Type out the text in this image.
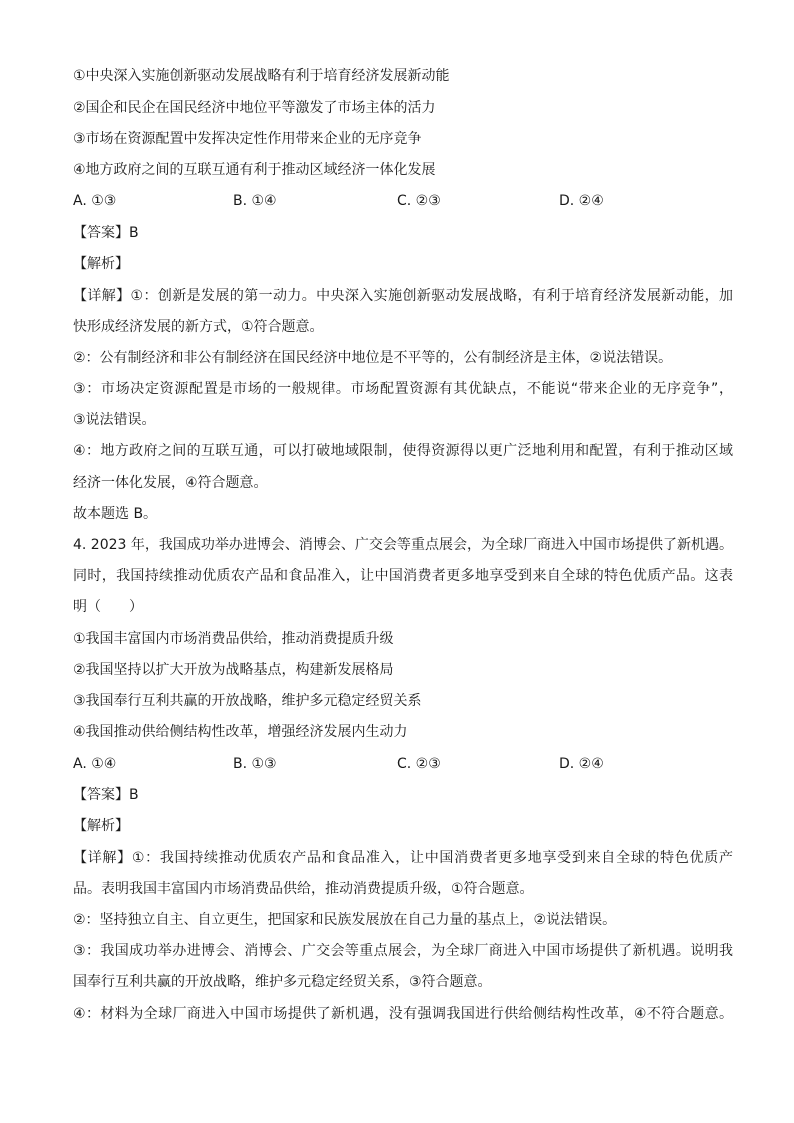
①中央深入实施创新驱动发展战略有利于培育经济发展新动能
②国企和民企在国民经济中地位平等激发了市场主体的活力
③市场在资源配置中发挥决定性作用带来企业的无序竞争
④地方政府之间的互联互通有利于推动区域经济一体化发展
A. ①③	B. ①④	C. ②③	D. ②④
【答案】B
【解析】
【详解】①：创新是发展的第一动力。中央深入实施创新驱动发展战略，有利于培育经济发展新动能，加
快形成经济发展的新方式，①符合题意。
②：公有制经济和非公有制经济在国民经济中地位是不平等的，公有制经济是主体，②说法错误。
③：市场决定资源配置是市场的一般规律。市场配置资源有其优缺点，不能说“带来企业的无序竞争”，
③说法错误。
④：地方政府之间的互联互通，可以打破地域限制，使得资源得以更广泛地利用和配置，有利于推动区域
经济一体化发展，④符合题意。
故本题选 B。
4. 2023 年，我国成功举办进博会、消博会、广交会等重点展会，为全球厂商进入中国市场提供了新机遇。
同时，我国持续推动优质农产品和食品准入，让中国消费者更多地享受到来自全球的特色优质产品。这表
明（　　）
①我国丰富国内市场消费品供给，推动消费提质升级
②我国坚持以扩大开放为战略基点，构建新发展格局
③我国奉行互利共赢的开放战略，维护多元稳定经贸关系
④我国推动供给侧结构性改革，增强经济发展内生动力
A. ①④	B. ①③	C. ②③	D. ②④
【答案】B
【解析】
【详解】①：我国持续推动优质农产品和食品准入，让中国消费者更多地享受到来自全球的特色优质产
品。表明我国丰富国内市场消费品供给，推动消费提质升级，①符合题意。
②：坚持独立自主、自立更生，把国家和民族发展放在自己力量的基点上，②说法错误。
③：我国成功举办进博会、消博会、广交会等重点展会，为全球厂商进入中国市场提供了新机遇。说明我
国奉行互利共赢的开放战略，维护多元稳定经贸关系，③符合题意。
④：材料为全球厂商进入中国市场提供了新机遇，没有强调我国进行供给侧结构性改革，④不符合题意。
